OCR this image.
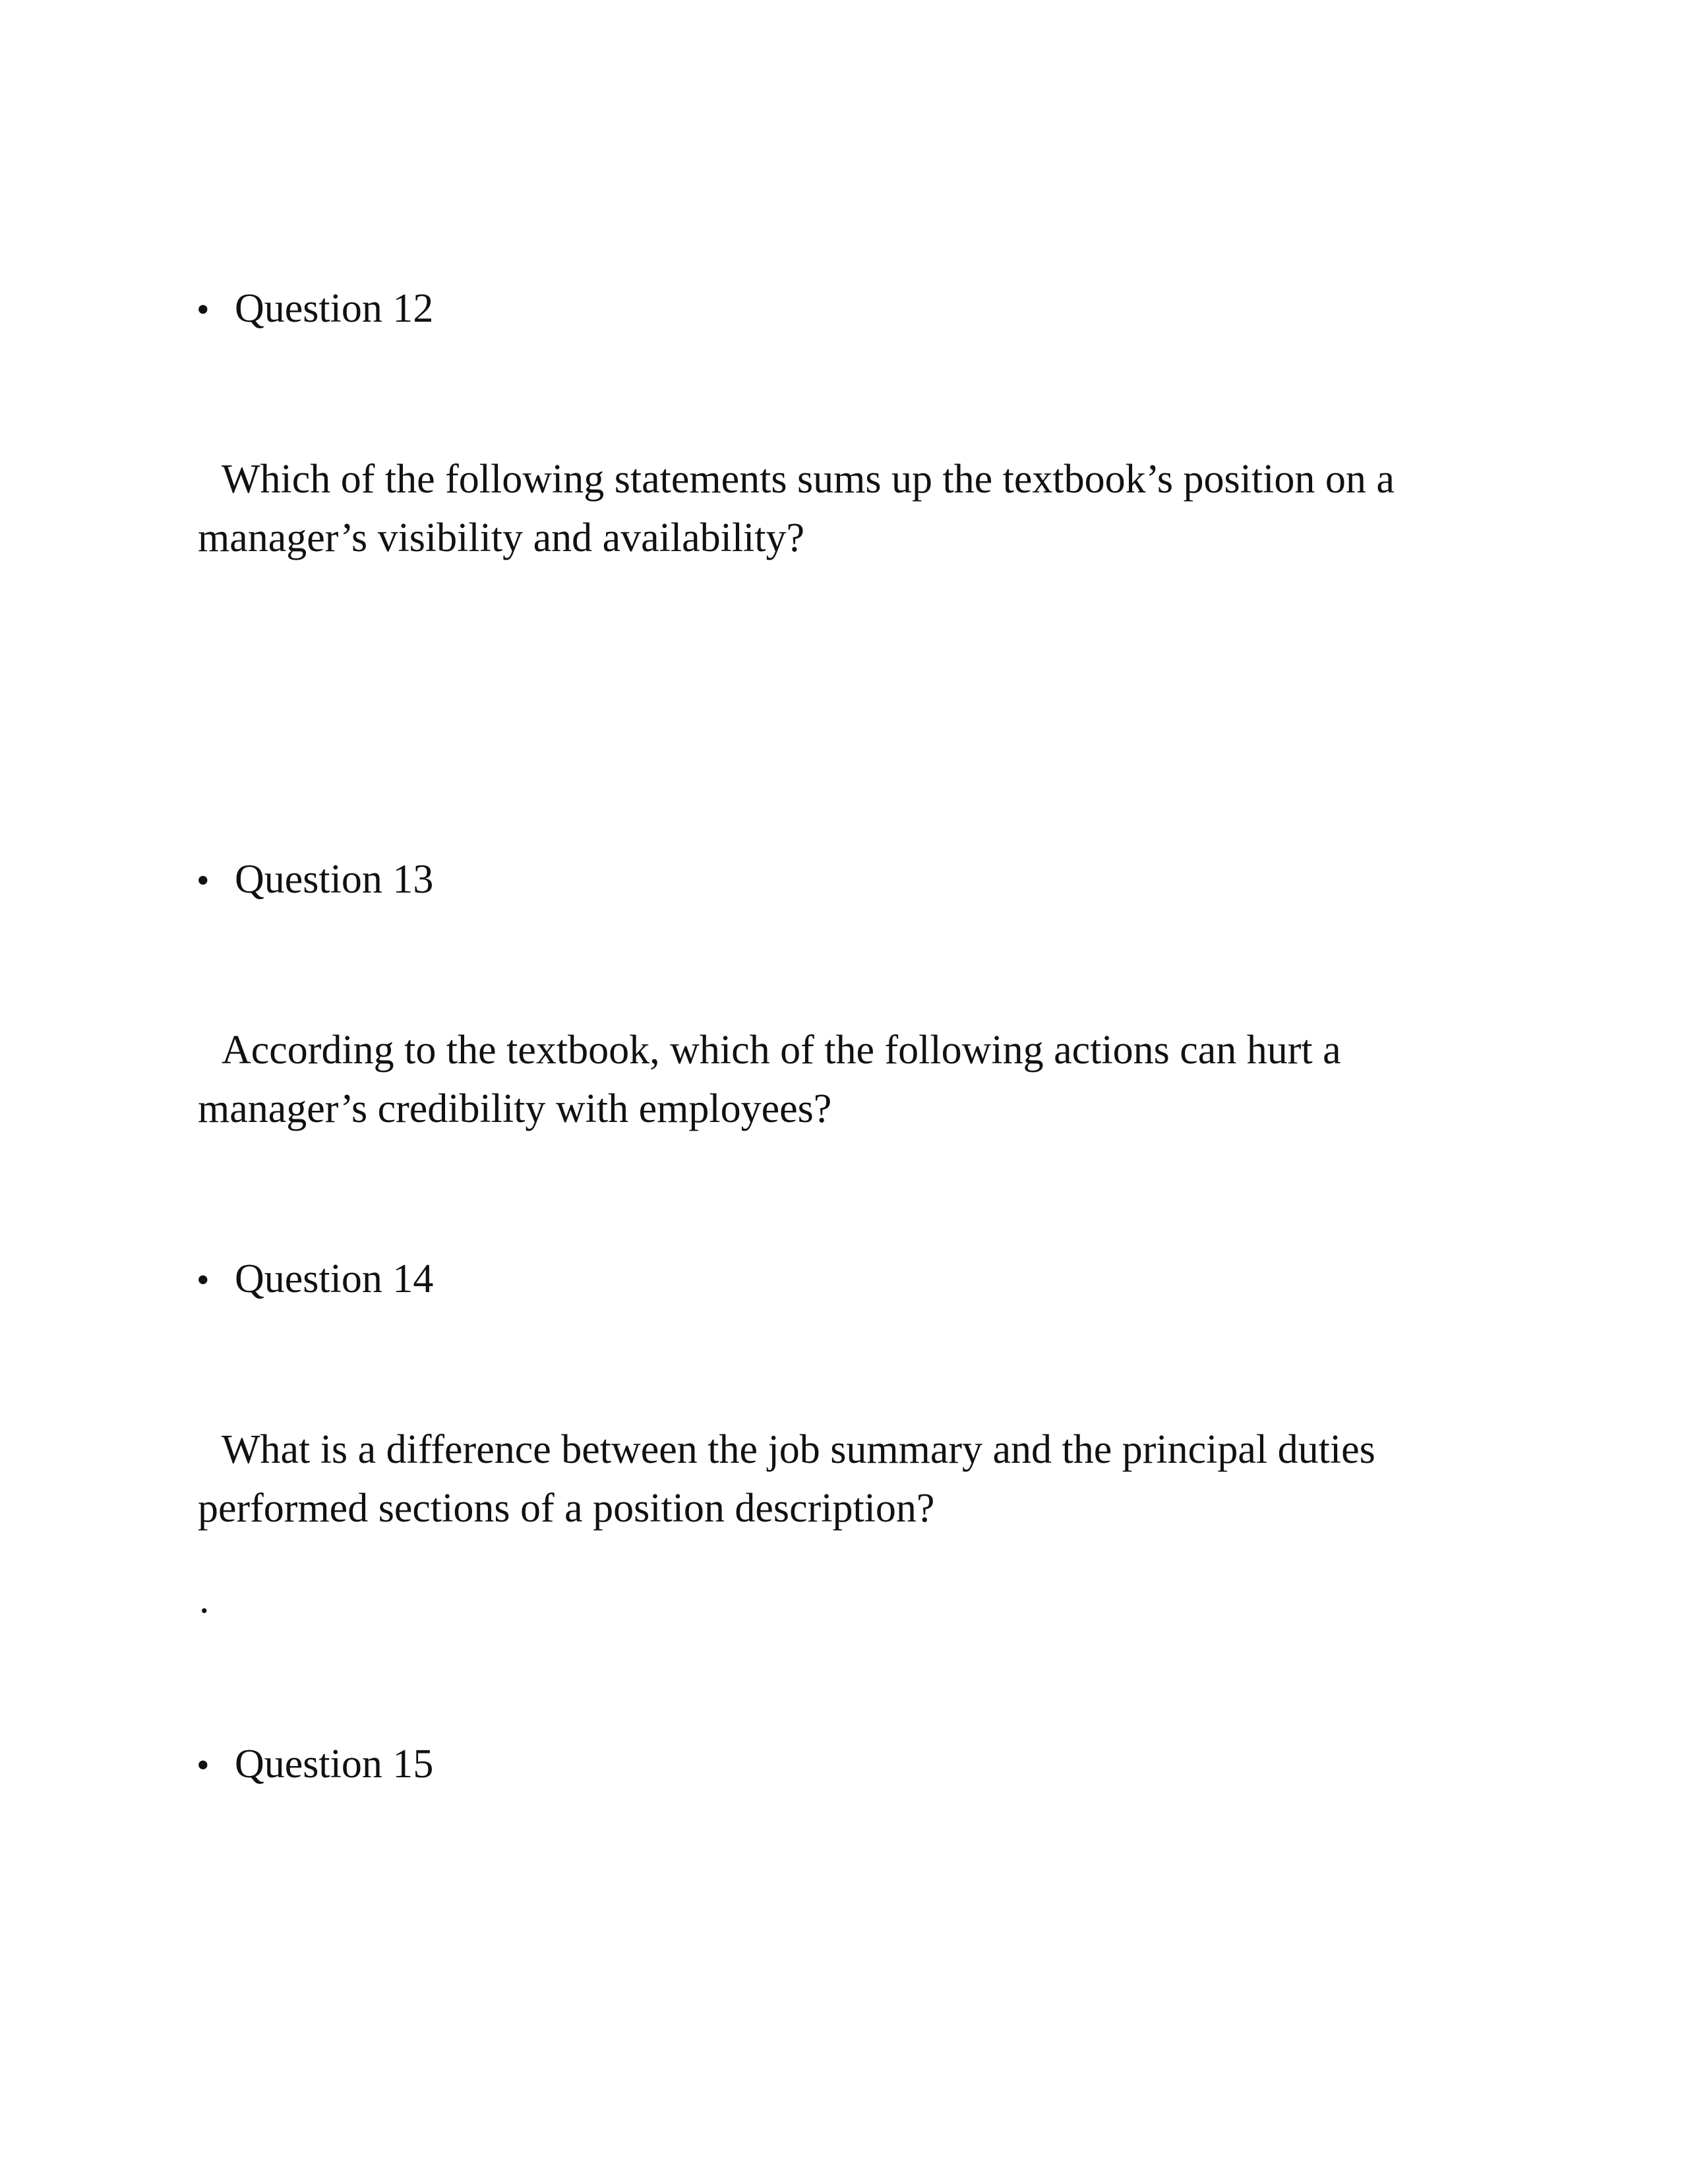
• Question 12
Which of the following statements sums up the textbook’s position on a manager’s visibility and availability?
• Question 13
According to the textbook, which of the following actions can hurt a manager’s credibility with employees?
• Question 14
What is a difference between the job summary and the principal duties performed sections of a position description?
.
• Question 15
